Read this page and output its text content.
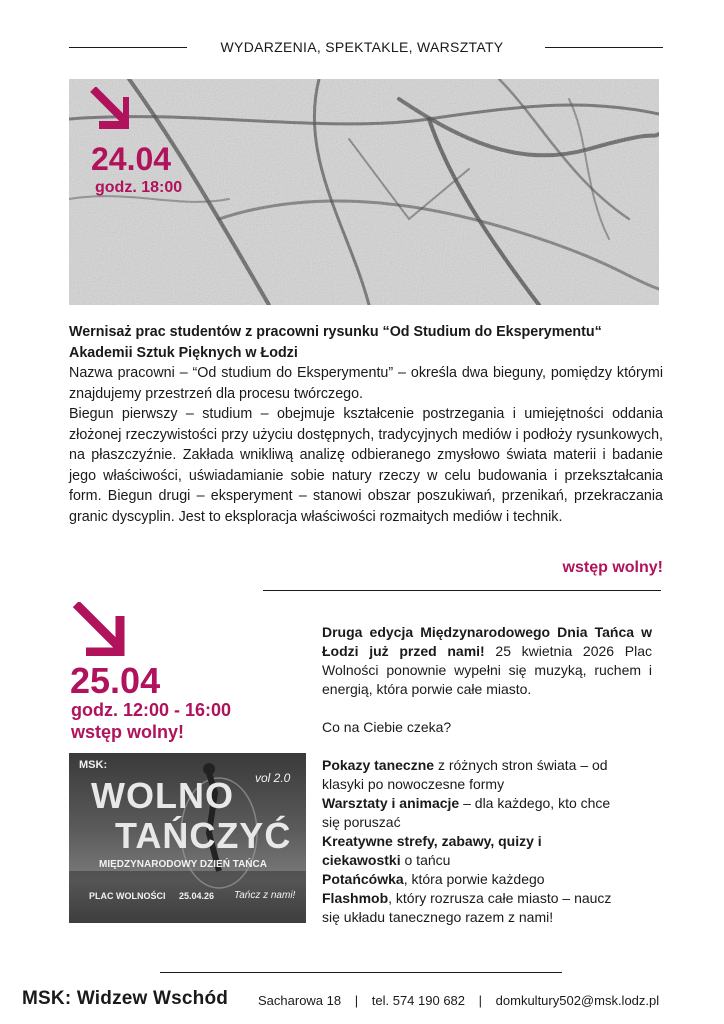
WYDARZENIA, SPEKTAKLE, WARSZTATY
24.04
godz. 18:00

Wernisaż prac studentów z pracowni rysunku “Od Studium do Eksperymentu“

Akademii Sztuk Pięknych w Łodzi

Nazwa pracowni – “Od studium do Eksperymentu” – określa dwa bieguny, pomiędzy którymi znajdujemy przestrzeń dla procesu twórczego.

Biegun pierwszy – studium – obejmuje kształcenie postrzegania i umiejętności oddania złożonej rzeczywistości przy użyciu dostępnych, tradycyjnych mediów i podłoży rysunkowych, na płaszczyźnie. Zakłada wnikliwą analizę odbieranego zmysłowo świata materii i badanie jego właściwości, uświadamianie sobie natury rzeczy w celu budowania i przekształcania form. Biegun drugi – eksperyment – stanowi obszar poszukiwań, przenikań, przekraczania granic dyscyplin. Jest to eksploracja właściwości rozmaitych mediów i technik.

wstęp wolny!
25.04
godz. 12:00 - 16:00
wstęp wolny!
MSK:
WOLNO vol 2.0
TAŃCZYĆ
MIĘDZYNARODOWY DZIEŃ TAŃCA
PLAC WOLNOŚCI 25.04.26 Tańcz z nami!

Druga edycja Międzynarodowego Dnia Tańca w Łodzi już przed nami! 25 kwietnia 2026 Plac Wolności ponownie wypełni się muzyką, ruchem i energią, która porwie całe miasto.

Co na Ciebie czeka?

Pokazy taneczne z różnych stron świata – od klasyki po nowoczesne formy

Warsztaty i animacje – dla każdego, kto chce się poruszać

Kreatywne strefy, zabawy, quizy i ciekawostki o tańcu

Potańcówka, która porwie każdego

Flashmob, który rozrusza całe miasto – naucz się układu tanecznego razem z nami!

MSK: Widzew Wschód Sacharowa 18 | tel. 574 190 682 | domkultury502@msk.lodz.pl
